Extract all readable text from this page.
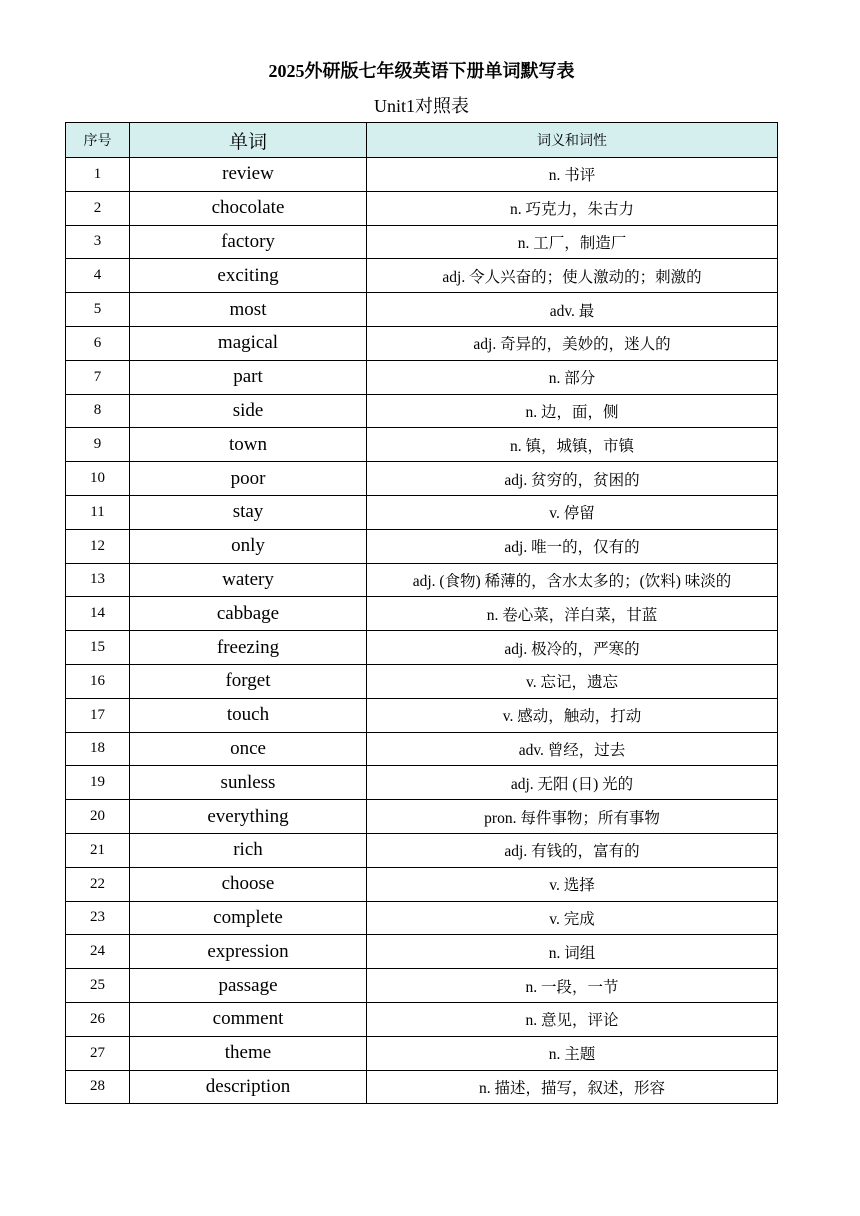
2025外研版七年级英语下册单词默写表
Unit1对照表
序号	单词	词义和词性
1	review	n. 书评
2	chocolate	n. 巧克力，朱古力
3	factory	n. 工厂，制造厂
4	exciting	adj. 令人兴奋的；使人激动的；刺激的
5	most	adv. 最
6	magical	adj. 奇异的，美妙的，迷人的
7	part	n. 部分
8	side	n. 边，面，侧
9	town	n. 镇，城镇，市镇
10	poor	adj. 贫穷的，贫困的
11	stay	v. 停留
12	only	adj. 唯一的，仅有的
13	watery	adj. (食物) 稀薄的，含水太多的；(饮料) 味淡的
14	cabbage	n. 卷心菜，洋白菜，甘蓝
15	freezing	adj. 极冷的，严寒的
16	forget	v. 忘记，遗忘
17	touch	v. 感动，触动，打动
18	once	adv. 曾经，过去
19	sunless	adj. 无阳 (日) 光的
20	everything	pron. 每件事物；所有事物
21	rich	adj. 有钱的，富有的
22	choose	v. 选择
23	complete	v. 完成
24	expression	n. 词组
25	passage	n. 一段，一节
26	comment	n. 意见，评论
27	theme	n. 主题
28	description	n. 描述，描写，叙述，形容
